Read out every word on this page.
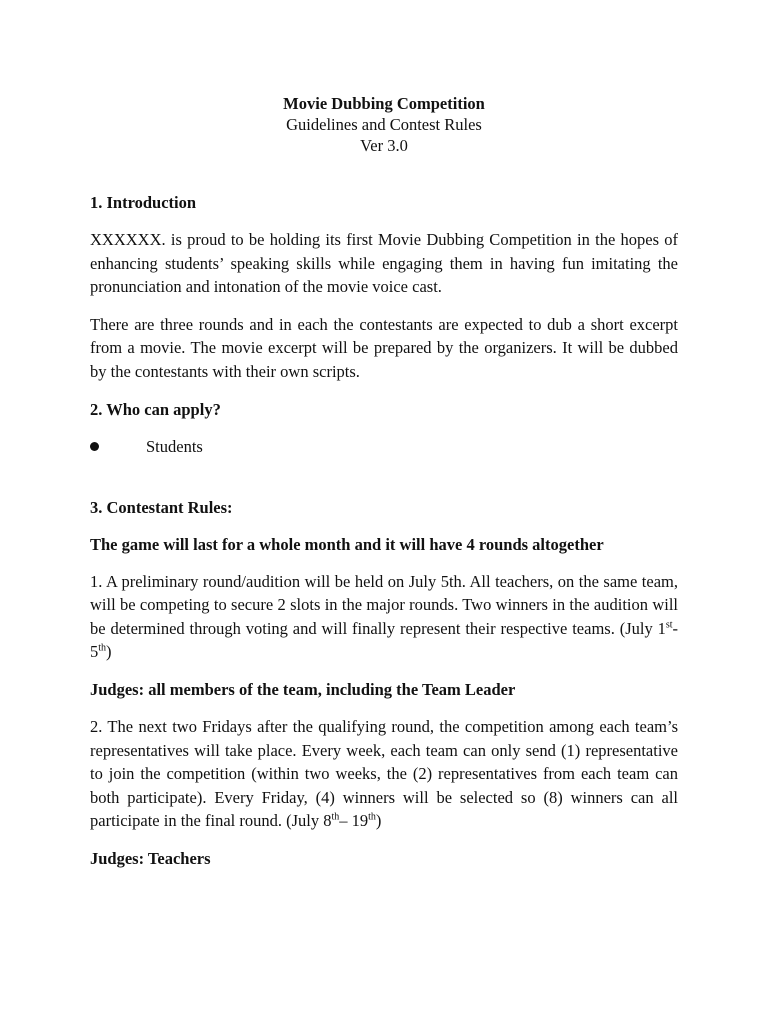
Movie Dubbing Competition
Guidelines and Contest Rules
Ver 3.0
1. Introduction

XXXXXX. is proud to be holding its first Movie Dubbing Competition in the hopes of enhancing students’ speaking skills while engaging them in having fun imitating the pronunciation and intonation of the movie voice cast.

There are three rounds and in each the contestants are expected to dub a short excerpt from a movie. The movie excerpt will be prepared by the organizers. It will be dubbed by the contestants with their own scripts.

2. Who can apply?
Students
3. Contestant Rules:
The game will last for a whole month and it will have 4 rounds altogether

1. A preliminary round/audition will be held on July 5th. All teachers, on the same team, will be competing to secure 2 slots in the major rounds. Two winners in the audition will be determined through voting and will finally represent their respective teams. (July 1st-5th)

Judges: all members of the team, including the Team Leader

2. The next two Fridays after the qualifying round, the competition among each team’s representatives will take place. Every week, each team can only send (1) representative to join the competition (within two weeks, the (2) representatives from each team can both participate). Every Friday, (4) winners will be selected so (8) winners can all participate in the final round. (July 8th– 19th)

Judges: Teachers
